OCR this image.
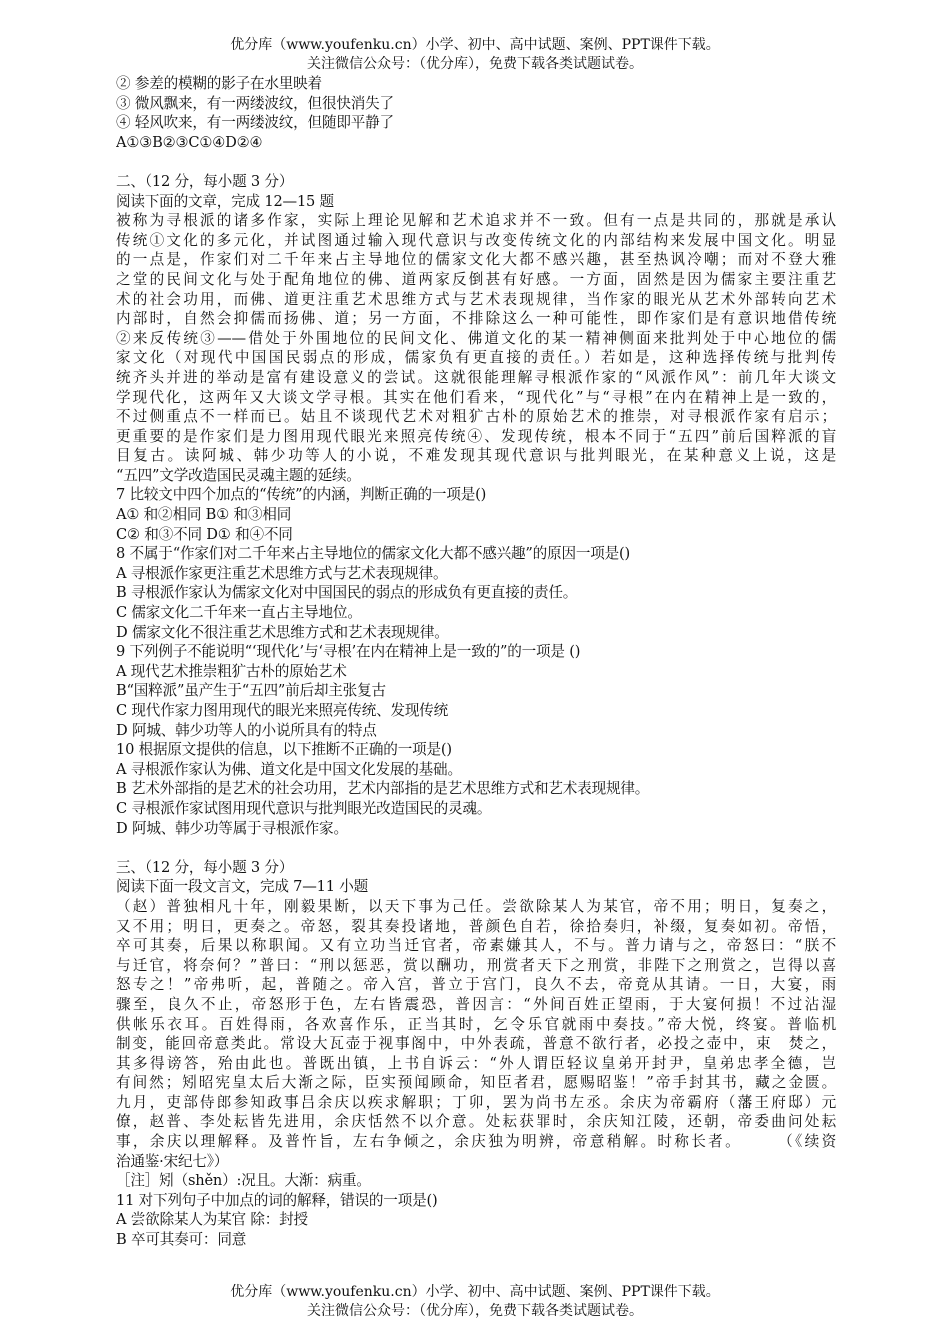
优分库（www.youfenku.cn）小学、初中、高中试题、案例、PPT课件下载。
关注微信公众号：（优分库），免费下载各类试题试卷。

② 参差的模糊的影子在水里映着

③ 微风飘来，有一两缕波纹，但很快消失了

④ 轻风吹来，有一两缕波纹，但随即平静了

A①③B②③C①④D②④

二、（12 分，每小题 3 分）

阅读下面的文章，完成 12—15 题

被称为寻根派的诸多作家，实际上理论见解和艺术追求并不一致。但有一点是共同的，那就是承认

传统①文化的多元化，并试图通过输入现代意识与改变传统文化的内部结构来发展中国文化。明显

的一点是，作家们对二千年来占主导地位的儒家文化大都不感兴趣，甚至热讽冷嘲；而对不登大雅

之堂的民间文化与处于配角地位的佛、道两家反倒甚有好感。一方面，固然是因为儒家主要注重艺

术的社会功用，而佛、道更注重艺术思维方式与艺术表现规律，当作家的眼光从艺术外部转向艺术

内部时，自然会抑儒而扬佛、道；另一方面，不排除这么一种可能性，即作家们是有意识地借传统

②来反传统③——借处于外围地位的民间文化、佛道文化的某一精神侧面来批判处于中心地位的儒

家文化（对现代中国国民弱点的形成，儒家负有更直接的责任。）若如是，这种选择传统与批判传

统齐头并进的举动是富有建设意义的尝试。这就很能理解寻根派作家的“风派作风”：前几年大谈文

学现代化，这两年又大谈文学寻根。其实在他们看来，“现代化”与“寻根”在内在精神上是一致的，

不过侧重点不一样而已。姑且不谈现代艺术对粗犷古朴的原始艺术的推崇，对寻根派作家有启示；

更重要的是作家们是力图用现代眼光来照亮传统④、发现传统，根本不同于“五四”前后国粹派的盲

目复古。读阿城、韩少功等人的小说，不难发现其现代意识与批判眼光，在某种意义上说，这是

“五四”文学改造国民灵魂主题的延续。

7 比较文中四个加点的“传统”的内涵，判断正确的一项是()

A① 和②相同 B① 和③相同

C② 和③不同 D① 和④不同

8 不属于“作家们对二千年来占主导地位的儒家文化大都不感兴趣”的原因一项是()

A 寻根派作家更注重艺术思维方式与艺术表现规律。

B 寻根派作家认为儒家文化对中国国民的弱点的形成负有更直接的责任。

C 儒家文化二千年来一直占主导地位。

D 儒家文化不很注重艺术思维方式和艺术表现规律。

9 下列例子不能说明“‘现代化’与‘寻根’在内在精神上是一致的”的一项是 ()

A 现代艺术推崇粗犷古朴的原始艺术

B“国粹派”虽产生于“五四”前后却主张复古

C 现代作家力图用现代的眼光来照亮传统、发现传统

D 阿城、韩少功等人的小说所具有的特点

10 根据原文提供的信息，以下推断不正确的一项是()

A 寻根派作家认为佛、道文化是中国文化发展的基础。

B 艺术外部指的是艺术的社会功用，艺术内部指的是艺术思维方式和艺术表现规律。

C 寻根派作家试图用现代意识与批判眼光改造国民的灵魂。

D 阿城、韩少功等属于寻根派作家。

三、（12 分，每小题 3 分）

阅读下面一段文言文，完成 7—11 小题

（赵）普独相凡十年，刚毅果断，以天下事为己任。尝欲除某人为某官，帝不用；明日，复奏之，

又不用；明日，更奏之。帝怒，裂其奏投诸地，普颜色自若，徐拾奏归，补缀，复奏如初。帝悟，

卒可其奏，后果以称职闻。又有立功当迁官者，帝素嫌其人，不与。普力请与之，帝怒曰：“朕不

与迁官，将奈何？”普曰：“刑以惩恶，赏以酬功，刑赏者天下之刑赏，非陛下之刑赏之，岂得以喜

怒专之！”帝弗听，起，普随之。帝入宫，普立于宫门，良久不去，帝竟从其请。一日，大宴，雨

骤至，良久不止，帝怒形于色，左右皆震恐，普因言：“外间百姓正望雨，于大宴何损！不过沾湿

供帐乐衣耳。百姓得雨，各欢喜作乐，正当其时，乞令乐官就雨中奏技。”帝大悦，终宴。普临机

制变，能回帝意类此。常设大瓦壶于视事阁中，中外表疏，普意不欲行者，必投之壶中，束　焚之，

其多得谤答，殆由此也。普既出镇，上书自诉云：“外人谓臣轻议皇弟开封尹，皇弟忠孝全德，岂

有间然；矧昭宪皇太后大渐之际，臣实预闻顾命，知臣者君，愿赐昭鉴！”帝手封其书，藏之金匮。

九月，吏部侍郎参知政事吕余庆以疾求解职；丁卯，罢为尚书左丞。余庆为帝霸府（藩王府邸）元

僚，赵普、李处耘皆先进用，余庆恬然不以介意。处耘获罪时，余庆知江陵，还朝，帝委曲问处耘

事，余庆以理解释。及普忤旨，左右争倾之，余庆独为明辨，帝意稍解。时称长者。　　　（《续资

治通鉴·宋纪七》）

［注］矧（shěn）:况且。大渐：病重。

11 对下列句子中加点的词的解释，错误的一项是()

A 尝欲除某人为某官 除：封授

B 卒可其奏可：同意

优分库（www.youfenku.cn）小学、初中、高中试题、案例、PPT课件下载。
关注微信公众号：（优分库），免费下载各类试题试卷。
